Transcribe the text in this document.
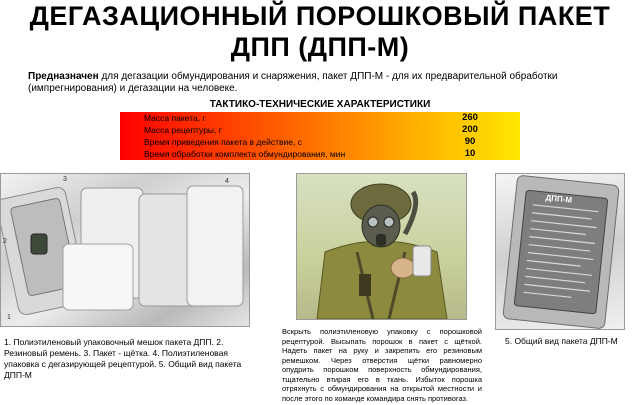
ДЕГАЗАЦИОННЫЙ ПОРОШКОВЫЙ ПАКЕТ
ДПП (ДПП-М)
Предназначен для дегазации обмундирования и снаряжения, пакет ДПП-М - для их предварительной обработки (импрегнирования) и дегазации на человеке.
ТАКТИКО-ТЕХНИЧЕСКИЕ ХАРАКТЕРИСТИКИ
Масса пакета, г	260
Масса рецептуры, г	200
Время приведения пакета в действие, с	90
Время обработки комплекта обмундирования, мин	10
3	4
2
1
ДПП-М
1. Полиэтиленовый упаковочный мешок пакета ДПП. 2. Резиновый ремень. 3. Пакет - щётка. 4. Полиэтиленовая упаковка с дегазирующей рецептурой. 5. Общий вид пакета ДПП-М
Вскрыть полиэтиленовую упаковку с порошковой рецептурой. Высыпать порошок в пакет с щёткой. Надеть пакет на руку и закрепить его резиновым ремешком. Через отверстия щётки равномерно опудрить порошком поверхность обмундирования, тщательно втирая его в ткань. Избыток порошка отряхнуть с обмундирования на открытой местности и после этого по команде командира снять противогаз.
5. Общий вид пакета ДПП-М
